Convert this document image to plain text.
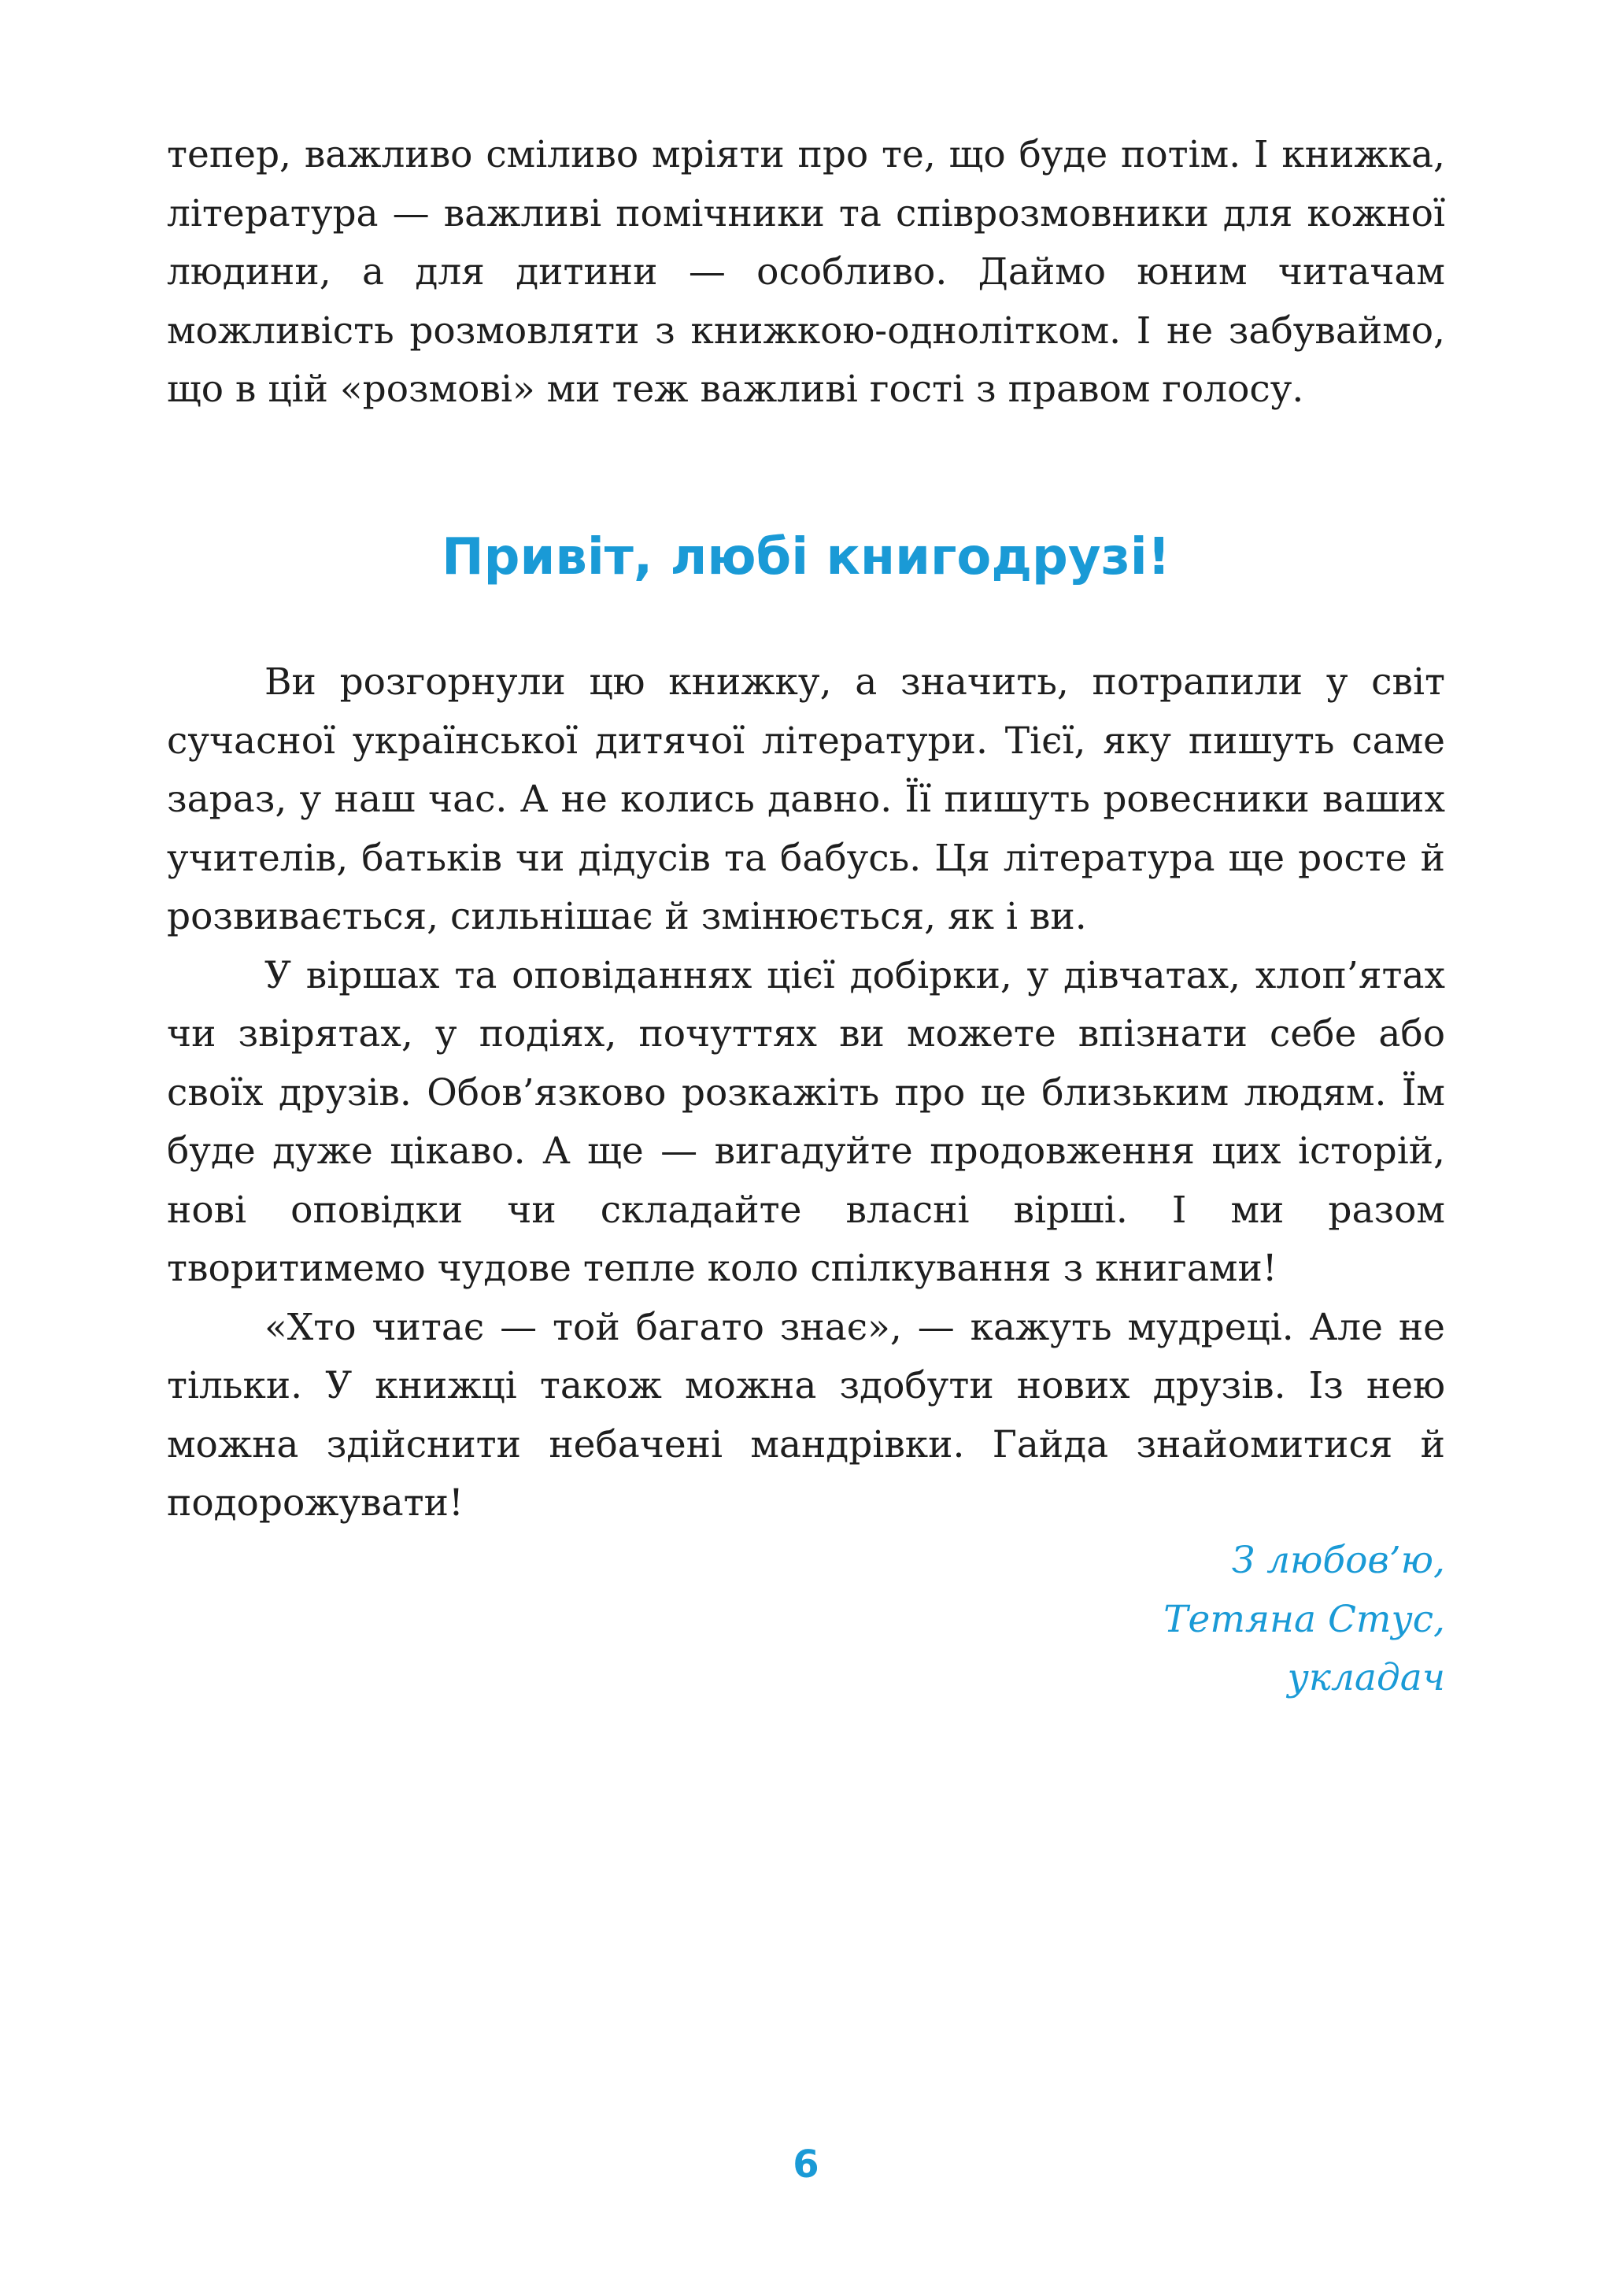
тепер, важливо сміливо мріяти про те, що буде потім. І книжка, література — важливі помічники та співрозмовники для кожної людини, а для дитини — особливо. Даймо юним читачам можливість розмовляти з книжкою-однолітком. І не забуваймо, що в цій «розмові» ми теж важливі гості з правом голосу.

Привіт, любі книгодрузі!

Ви розгорнули цю книжку, а значить, потрапили у світ сучасної української дитячої літератури. Тієї, яку пишуть саме зараз, у наш час. А не колись давно. Її пишуть ровесники ваших учителів, батьків чи дідусів та бабусь. Ця література ще росте й розвивається, сильнішає й змінюється, як і ви.

У віршах та оповіданнях цієї добірки, у дівчатах, хлоп’ятах чи звірятах, у подіях, почуттях ви можете впізнати себе або своїх друзів. Обов’язково розкажіть про це близьким людям. Їм буде дуже цікаво. А ще — вигадуйте продовження цих історій, нові оповідки чи складайте власні вірші. І ми разом творитимемо чудове тепле коло спілкування з книгами!

«Хто читає — той багато знає», — кажуть мудреці. Але не тільки. У книжці також можна здобути нових друзів. Із нею можна здійснити небачені мандрівки. Гайда знайомитися й подорожувати!

З любов’ю,
Тетяна Стус,
укладач
6
